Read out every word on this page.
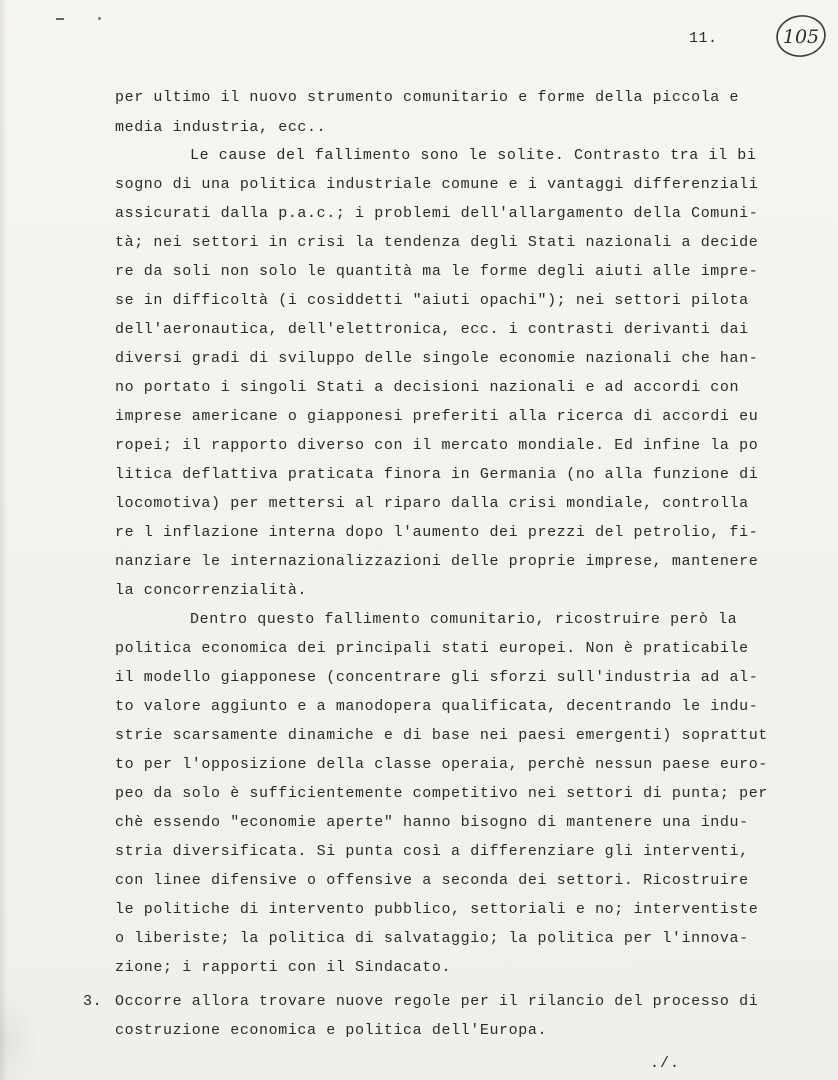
11.	105
per ultimo il nuovo strumento comunitario e forme della piccola e
media industria, ecc..
Le cause del fallimento sono le solite. Contrasto tra il bi
sogno di una politica industriale comune e i vantaggi differenziali
assicurati dalla p.a.c.; i problemi dell'allargamento della Comuni-
tà; nei settori in crisi la tendenza degli Stati nazionali a decide
re da soli non solo le quantità ma le forme degli aiuti alle impre-
se in difficoltà (i cosiddetti "aiuti opachi"); nei settori pilota
dell'aeronautica, dell'elettronica, ecc. i contrasti derivanti dai
diversi gradi di sviluppo delle singole economie nazionali che han-
no portato i singoli Stati a decisioni nazionali e ad accordi con
imprese americane o giapponesi preferiti alla ricerca di accordi eu
ropei; il rapporto diverso con il mercato mondiale. Ed infine la po
litica deflattiva praticata finora in Germania (no alla funzione di
locomotiva) per mettersi al riparo dalla crisi mondiale, controlla
re l inflazione interna dopo l'aumento dei prezzi del petrolio, fi-
nanziare le internazionalizzazioni delle proprie imprese, mantenere
la concorrenzialità.
Dentro questo fallimento comunitario, ricostruire però la
politica economica dei principali stati europei. Non è praticabile
il modello giapponese (concentrare gli sforzi sull'industria ad al-
to valore aggiunto e a manodopera qualificata, decentrando le indu-
strie scarsamente dinamiche e di base nei paesi emergenti) soprattut
to per l'opposizione della classe operaia, perchè nessun paese euro-
peo da solo è sufficientemente competitivo nei settori di punta; per
chè essendo "economie aperte" hanno bisogno di mantenere una indu-
stria diversificata. Si punta così a differenziare gli interventi,
con linee difensive o offensive a seconda dei settori. Ricostruire
le politiche di intervento pubblico, settoriali e no; interventiste
o liberiste; la politica di salvataggio; la politica per l'innova-
zione; i rapporti con il Sindacato.
3. Occorre allora trovare nuove regole per il rilancio del processo di
costruzione economica e politica dell'Europa.
./.
